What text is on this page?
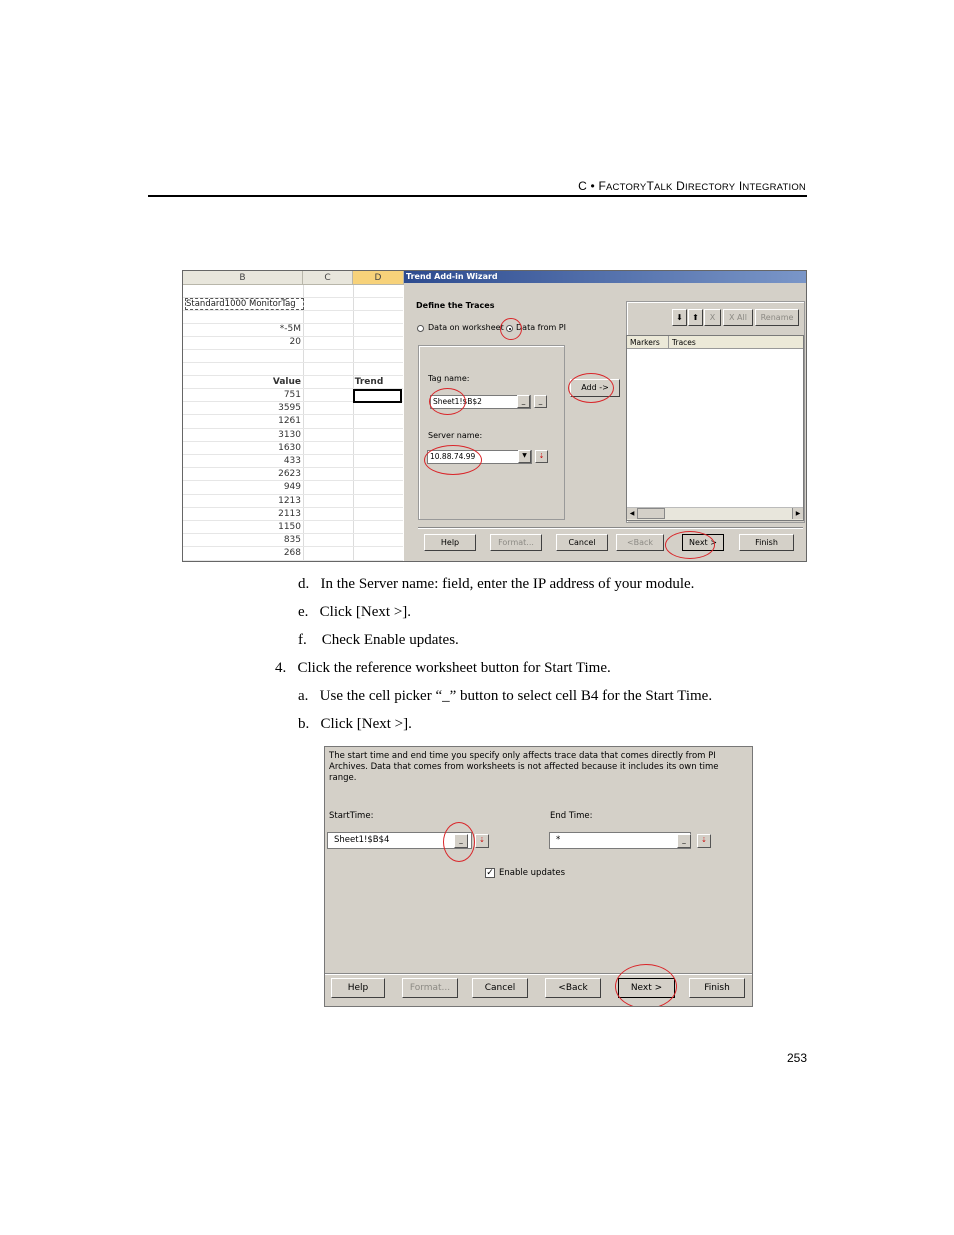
C • FACTORYTALK DIRECTORY INTEGRATION
B	C	D
751
3595
1261
3130
1630
433
2623
949
1213
2113
1150
835
268
Standard1000 MonitorTag
*-5M
20
Value	Trend
Trend Add-in Wizard
Define the Traces
Data on worksheet Data from PI
Tag name:
Sheet1!$B$2	_	_
Server name:
10.88.74.99	▼	⇣
Add ->
⬇	⬆	X	X All	Rename
Markers	Traces
◀	▶
Help	Format...	Cancel	<Back	Next >	Finish
d. In the Server name: field, enter the IP address of your module.
e. Click [Next >].
f. Check Enable updates.
4. Click the reference worksheet button for Start Time.
a. Use the cell picker “_” button to select cell B4 for the Start Time.
b. Click [Next >].
The start time and end time you specify only affects trace data that comes directly from PI
Archives. Data that comes from worksheets is not affected because it includes its own time
range.
StartTime:
Sheet1!$B$4	_	⇣
End Time:
*	_	⇣
✓ Enable updates
Help	Format...	Cancel	<Back	Next >	Finish
253
